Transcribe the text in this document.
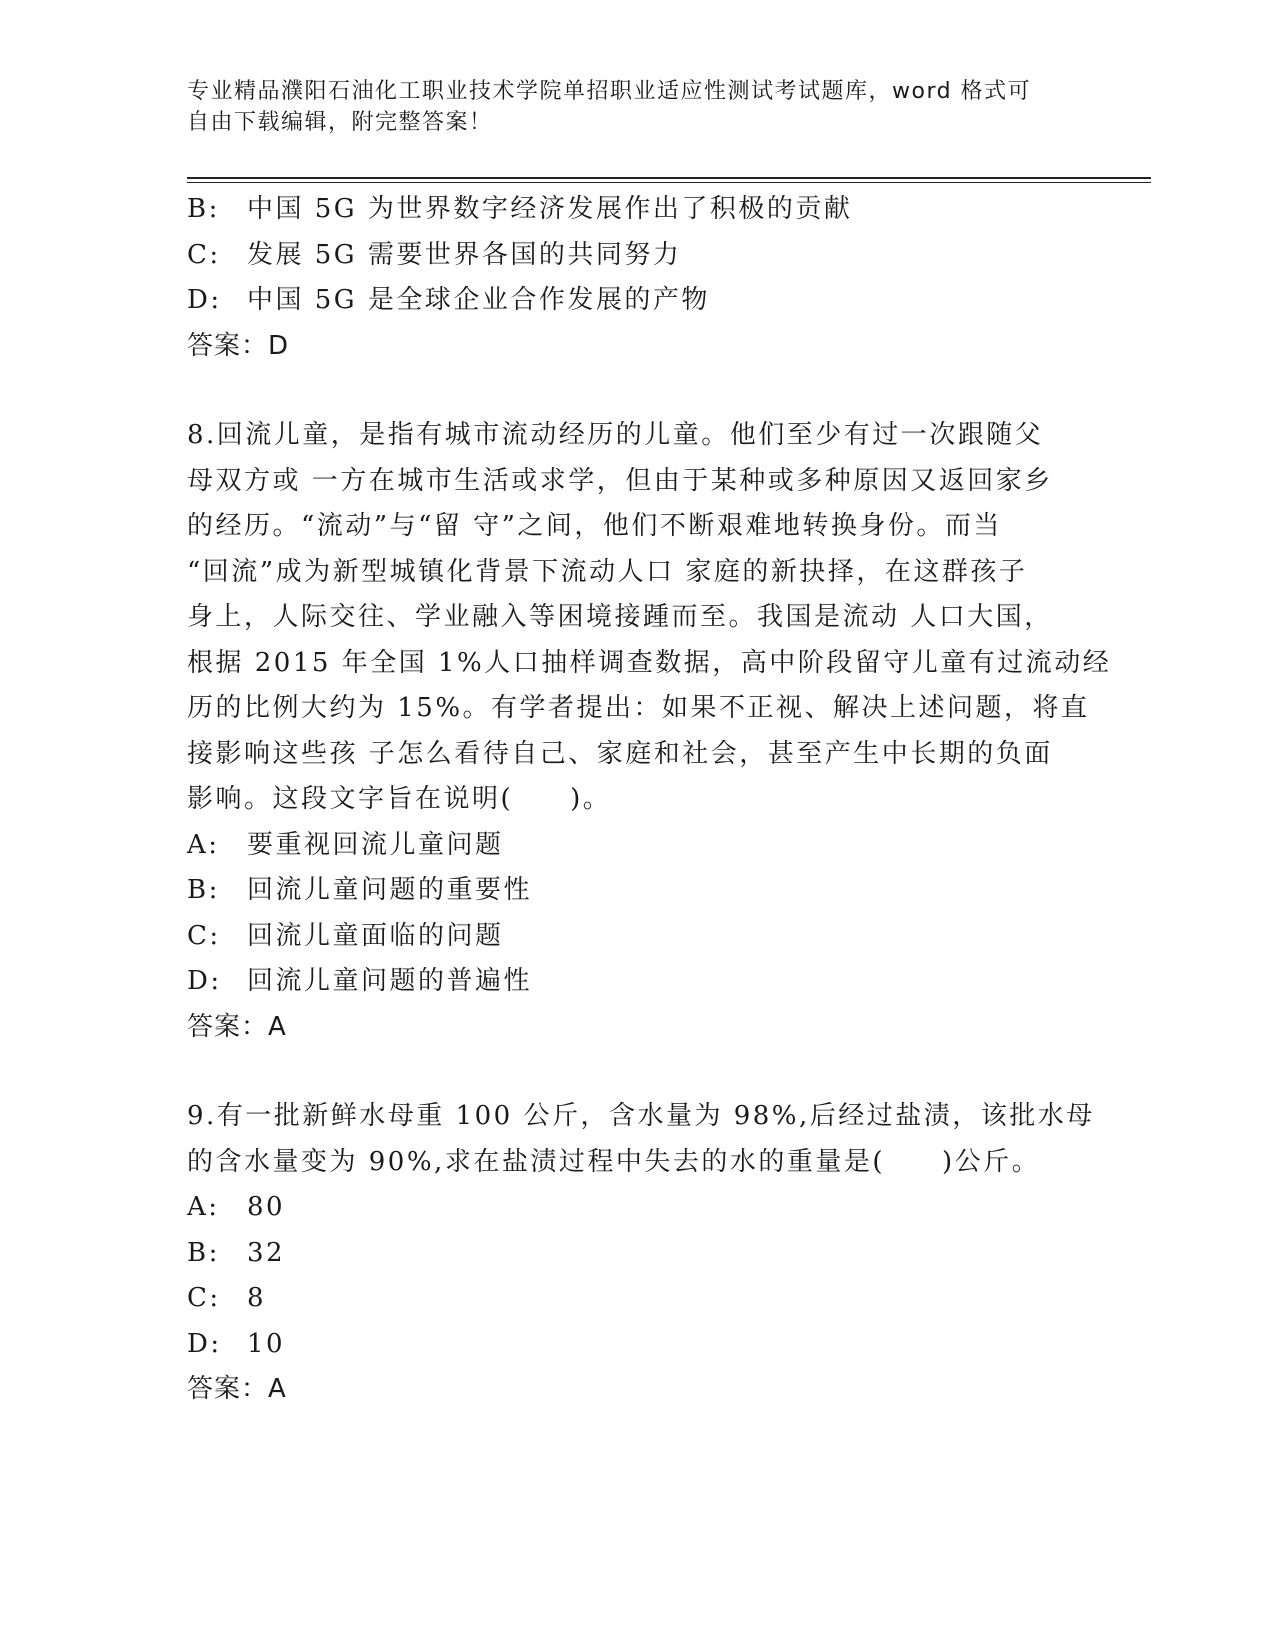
专业精品濮阳石油化工职业技术学院单招职业适应性测试考试题库，word 格式可
自由下载编辑，附完整答案！
B: 中国 5G 为世界数字经济发展作出了积极的贡献
C: 发展 5G 需要世界各国的共同努力
D: 中国 5G 是全球企业合作发展的产物
答案：D
8.回流儿童，是指有城市流动经历的儿童。他们至少有过一次跟随父
母双方或 一方在城市生活或求学，但由于某种或多种原因又返回家乡
的经历。“流动”与“留 守”之间，他们不断艰难地转换身份。而当
“回流”成为新型城镇化背景下流动人口 家庭的新抉择，在这群孩子
身上，人际交往、学业融入等困境接踵而至。我国是流动 人口大国，
根据 2015 年全国 1%人口抽样调查数据，高中阶段留守儿童有过流动经
历的比例大约为 15%。有学者提出：如果不正视、解决上述问题，将直
接影响这些孩 子怎么看待自己、家庭和社会，甚至产生中长期的负面
影响。这段文字旨在说明(　　)。
A: 要重视回流儿童问题
B: 回流儿童问题的重要性
C: 回流儿童面临的问题
D: 回流儿童问题的普遍性
答案：A
9.有一批新鲜水母重 100 公斤，含水量为 98%,后经过盐渍，该批水母
的含水量变为 90%,求在盐渍过程中失去的水的重量是(　　)公斤。
A: 80
B: 32
C: 8
D: 10
答案：A
